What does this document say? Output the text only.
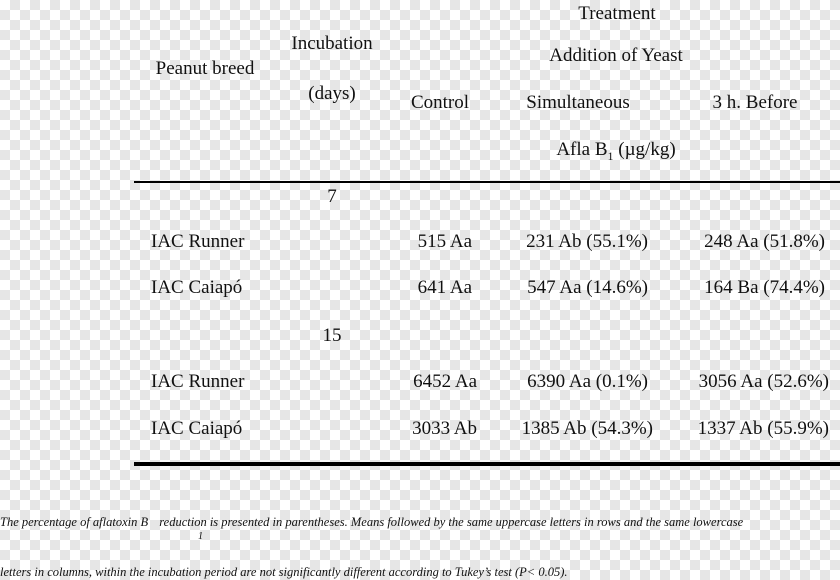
Treatment
Addition of Yeast
Peanut breed
Incubation
(days)	Control	Simultaneous	3 h. Before
Afla $B_1$ (µg/kg)
7
IAC Runner	515 Aa	231 Ab (55.1%)	248 Aa (51.8%)
IAC Caiapó	641 Aa	547 Aa (14.6%)	164 Ba (74.4%)
15
IAC Runner	6452 Aa	6390 Aa (0.1%)	3056 Aa (52.6%)
IAC Caiapó	3033 Ab 1385 Ab (54.3%) 1337 Ab (55.9%)
The percentage of aflatoxin B reduction is presented in parentheses. Means followed by the same uppercase letters in rows and the same lowercase
1
letters in columns, within the incubation period are not significantly different according to Tukey’s test (P< 0.05).
